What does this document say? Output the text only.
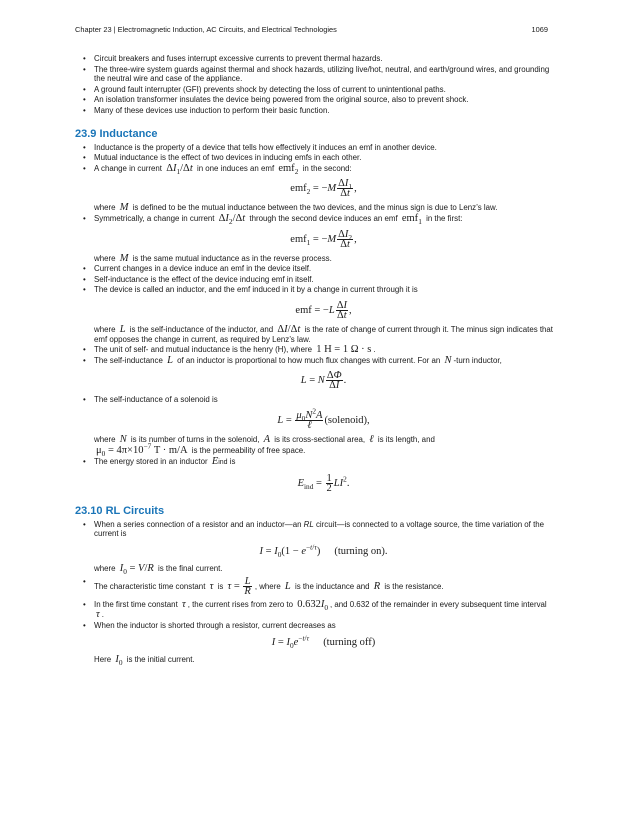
Chapter 23 | Electromagnetic Induction, AC Circuits, and Electrical Technologies	1069
• Circuit breakers and fuses interrupt excessive currents to prevent thermal hazards.
• The three-wire system guards against thermal and shock hazards, utilizing live/hot, neutral, and earth/ground wires, and grounding the neutral wire and case of the appliance.
• A ground fault interrupter (GFI) prevents shock by detecting the loss of current to unintentional paths.
• An isolation transformer insulates the device being powered from the original source, also to prevent shock.
• Many of these devices use induction to perform their basic function.
23.9 Inductance
• Inductance is the property of a device that tells how effectively it induces an emf in another device.
• Mutual inductance is the effect of two devices in inducing emfs in each other.
• A change in current $\Delta I_1/\Delta t$ in one induces an emf emf$_2$ in the second:
$emf_2 = -M \frac{\Delta I_1}{\Delta t}$ ,
where M is defined to be the mutual inductance between the two devices, and the minus sign is due to Lenz’s law.
• Symmetrically, a change in current $\Delta I_2/\Delta t$ through the second device induces an emf emf$_1$ in the first:
$emf_1 = -M \frac{\Delta I_2}{\Delta t}$ ,
where M is the same mutual inductance as in the reverse process.
• Current changes in a device induce an emf in the device itself.
• Self-inductance is the effect of the device inducing emf in itself.
• The device is called an inductor, and the emf induced in it by a change in current through it is
emf = $-L \frac{\Delta I}{\Delta t}$ ,
where L is the self-inductance of the inductor, and ΔI/Δt is the rate of change of current through it. The minus sign indicates that emf opposes the change in current, as required by Lenz’s law.
• The unit of self- and mutual inductance is the henry (H), where 1 H = 1 Ω · s .
• The self-inductance L of an inductor is proportional to how much flux changes with current. For an N -turn inductor,
L = N $\frac{\Delta\Phi}{\Delta I}$ .
• The self-inductance of a solenoid is
$L = \frac{\mu_0N^2A}{\text{ℓ}}$ (solenoid),
where N is its number of turns in the solenoid, A is its cross-sectional area, ℓ is its length, and
$\mu_0 = 4\pi\times 10^{-7}$ T · m/A is the permeability of free space.
• The energy stored in an inductor Eind is
$E_{ind} = \frac{1}{2} LI^2$.
23.10 RL Circuits
• When a series connection of a resistor and an inductor—an RL circuit—is connected to a voltage source, the time variation of the current is
$I = I_0(1 - e^{-t/\tau})$ (turning on).
where $I_0 = V/R$ is the final current.
• The characteristic time constant τ is $\tau = \frac{L}{R}$ , where L is the inductance and R is the resistance.
• In the first time constant τ , the current rises from zero to $0.632I_0$ , and 0.632 of the remainder in every subsequent time interval τ .
• When the inductor is shorted through a resistor, current decreases as
$I = I_0e^{-t/\tau}$ (turning off)
Here $I_0$ is the initial current.
